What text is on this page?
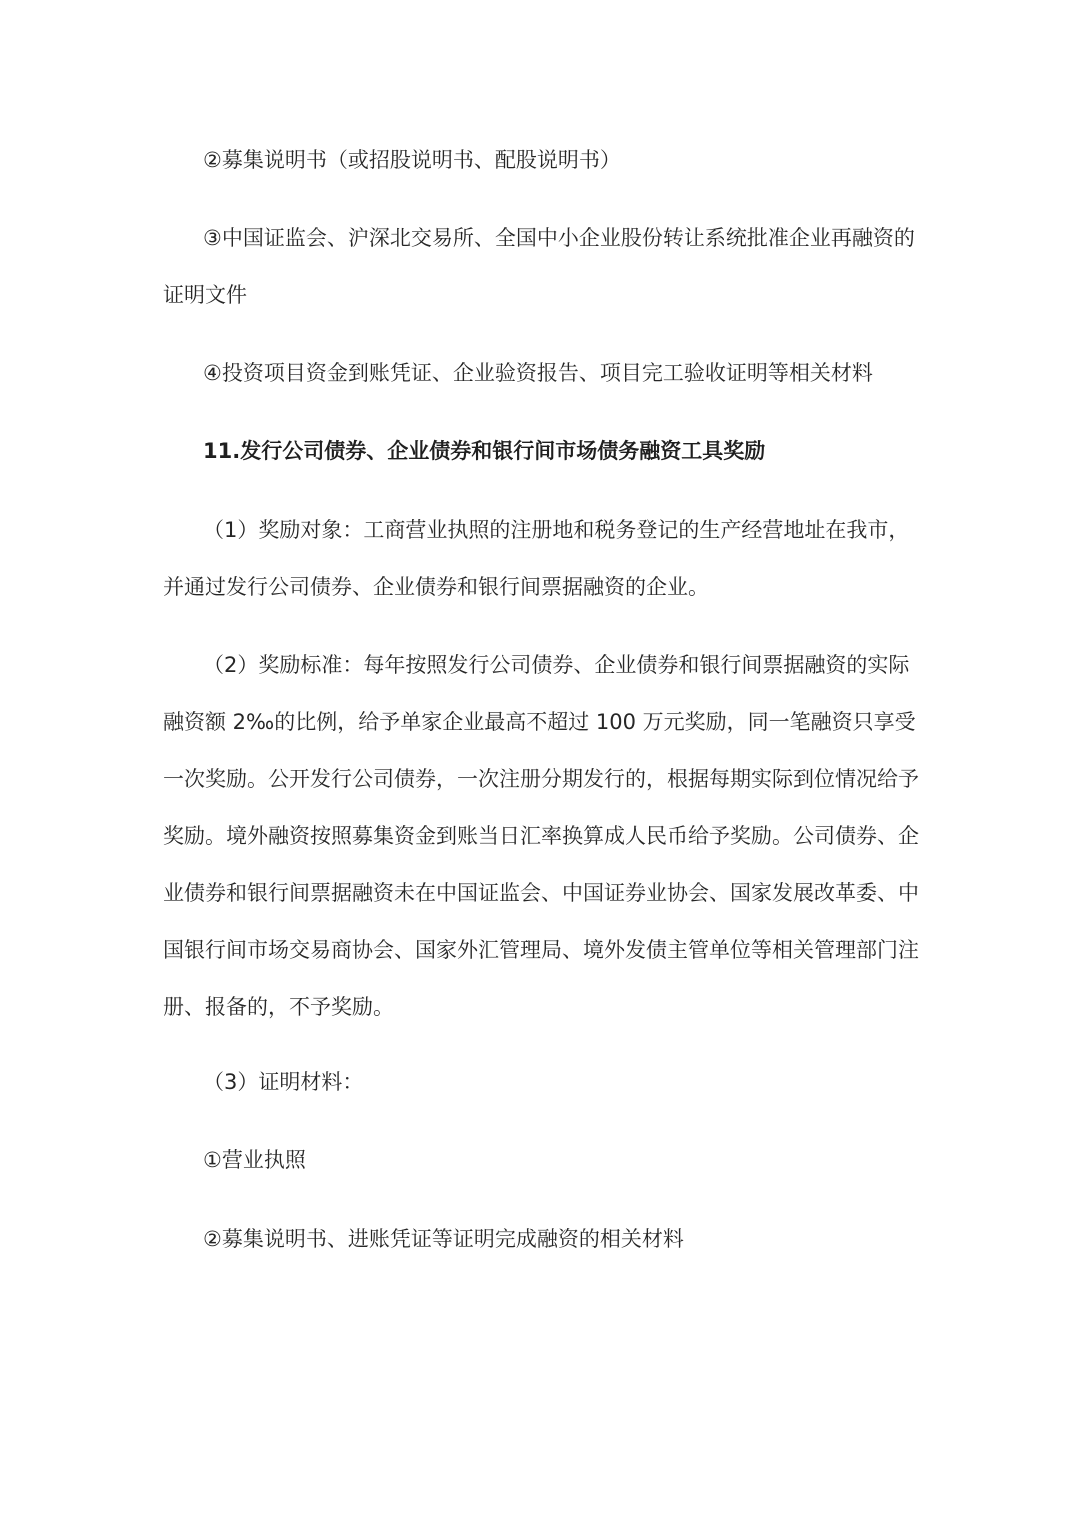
②募集说明书（或招股说明书、配股说明书）

③中国证监会、沪深北交易所、全国中小企业股份转让系统批准企业再融资的证明文件

④投资项目资金到账凭证、企业验资报告、项目完工验收证明等相关材料

11.发行公司债券、企业债券和银行间市场债务融资工具奖励

（1）奖励对象：工商营业执照的注册地和税务登记的生产经营地址在我市，并通过发行公司债券、企业债券和银行间票据融资的企业。

（2）奖励标准：每年按照发行公司债券、企业债券和银行间票据融资的实际融资额 2‰的比例，给予单家企业最高不超过 100 万元奖励，同一笔融资只享受一次奖励。公开发行公司债券，一次注册分期发行的，根据每期实际到位情况给予奖励。境外融资按照募集资金到账当日汇率换算成人民币给予奖励。公司债券、企业债券和银行间票据融资未在中国证监会、中国证券业协会、国家发展改革委、中国银行间市场交易商协会、国家外汇管理局、境外发债主管单位等相关管理部门注册、报备的，不予奖励。

（3）证明材料：

①营业执照

②募集说明书、进账凭证等证明完成融资的相关材料
